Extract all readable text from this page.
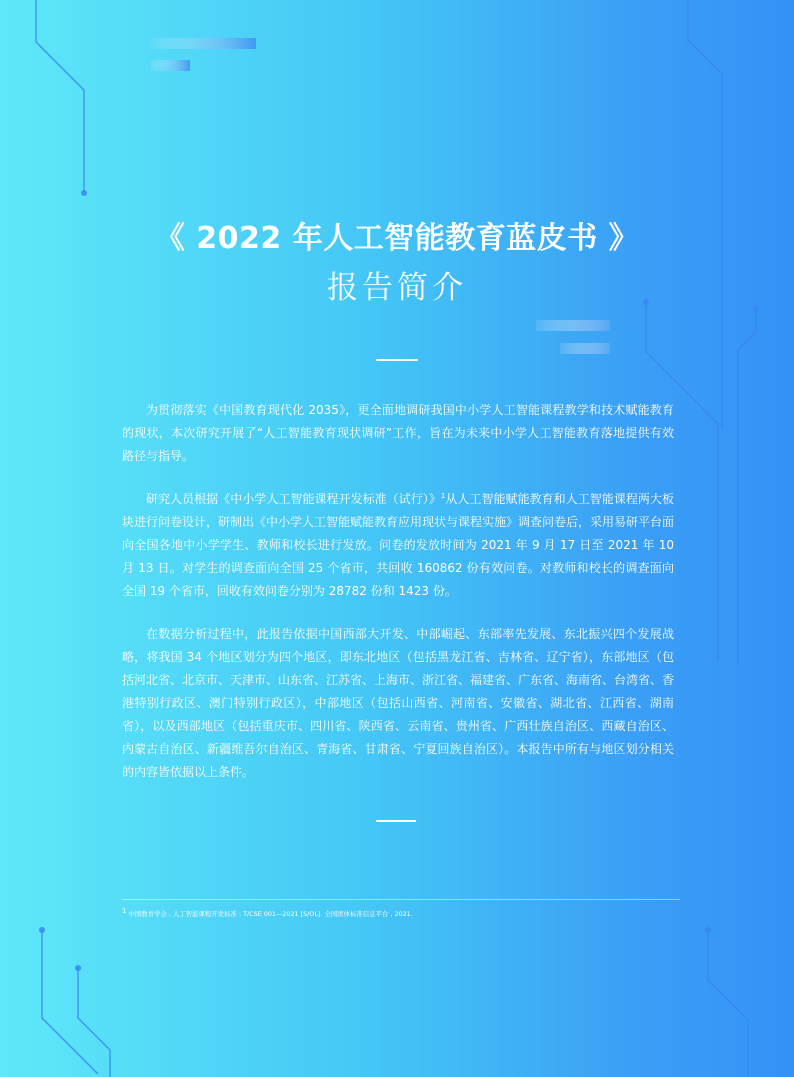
《 2022 年人工智能教育蓝皮书 》
报告简介

为贯彻落实《中国教育现代化 2035》，更全面地调研我国中小学人工智能课程教学和技术赋能教育的现状，本次研究开展了“人工智能教育现状调研”工作，旨在为未来中小学人工智能教育落地提供有效路径与指导。

研究人员根据《中小学人工智能课程开发标准（试行）》$^1$从人工智能赋能教育和人工智能课程两大板块进行问卷设计，研制出《中小学人工智能赋能教育应用现状与课程实施》调查问卷后，采用易研平台面向全国各地中小学学生、教师和校长进行发放。问卷的发放时间为 2021 年 9 月 17 日至 2021 年 10 月 13 日。对学生的调查面向全国 25 个省市，共回收 160862 份有效问卷。对教师和校长的调查面向全国 19 个省市，回收有效问卷分别为 28782 份和 1423 份。

在数据分析过程中，此报告依据中国西部大开发、中部崛起、东部率先发展、东北振兴四个发展战略，将我国 34 个地区划分为四个地区，即东北地区（包括黑龙江省、吉林省、辽宁省），东部地区（包括河北省、北京市、天津市、山东省、江苏省、上海市、浙江省、福建省、广东省、海南省、台湾省、香港特别行政区、澳门特别行政区），中部地区（包括山西省、河南省、安徽省、湖北省、江西省、湖南省），以及西部地区（包括重庆市、四川省、陕西省、云南省、贵州省、广西壮族自治区、西藏自治区、内蒙古自治区、新疆维吾尔自治区、青海省、甘肃省、宁夏回族自治区）。本报告中所有与地区划分相关的内容皆依据以上条件。

$^1$ 中国教育学会 . 人工智能课程开发标准 : T/CSE 001—2021 [S/OL]. 全国团体标准信息平台 , 2021.
